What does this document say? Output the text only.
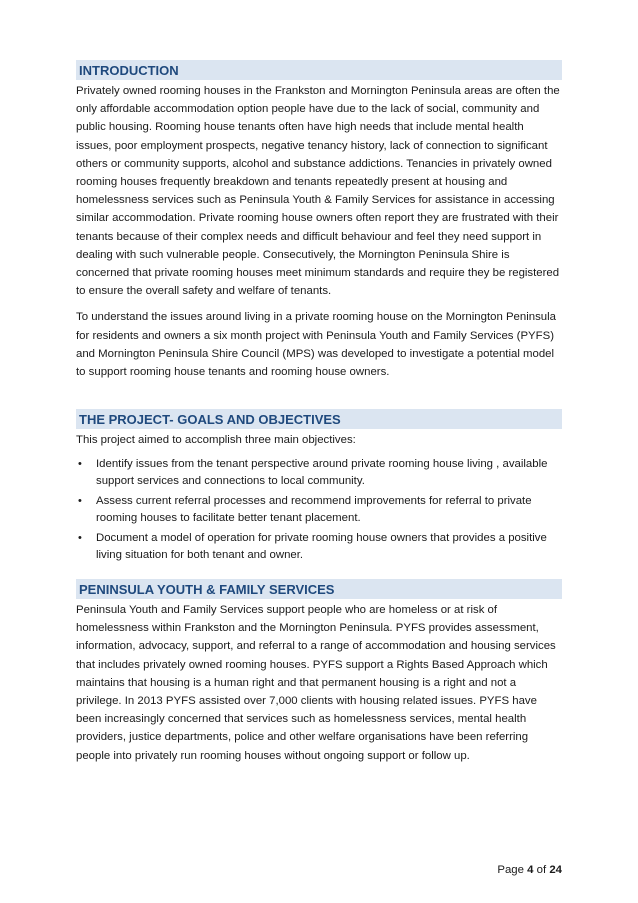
INTRODUCTION

Privately owned rooming houses in the Frankston and Mornington Peninsula areas are often the only affordable accommodation option people have due to the lack of social, community and public housing. Rooming house tenants often have high needs that include mental health issues, poor employment prospects, negative tenancy history, lack of connection to significant others or community supports, alcohol and substance addictions. Tenancies in privately owned rooming houses frequently breakdown and tenants repeatedly present at housing and homelessness services such as Peninsula Youth & Family Services for assistance in accessing similar accommodation. Private rooming house owners often report they are frustrated with their tenants because of their complex needs and difficult behaviour and feel they need support in dealing with such vulnerable people. Consecutively, the Mornington Peninsula Shire is concerned that private rooming houses meet minimum standards and require they be registered to ensure the overall safety and welfare of tenants.

To understand the issues around living in a private rooming house on the Mornington Peninsula for residents and owners a six month project with Peninsula Youth and Family Services (PYFS) and Mornington Peninsula Shire Council (MPS) was developed to investigate a potential model to support rooming house tenants and rooming house owners.

THE PROJECT- GOALS AND OBJECTIVES

This project aimed to accomplish three main objectives:

• Identify issues from the tenant perspective around private rooming house living , available support services and connections to local community.
• Assess current referral processes and recommend improvements for referral to private rooming houses to facilitate better tenant placement.
• Document a model of operation for private rooming house owners that provides a positive living situation for both tenant and owner.
PENINSULA YOUTH & FAMILY SERVICES

Peninsula Youth and Family Services support people who are homeless or at risk of homelessness within Frankston and the Mornington Peninsula. PYFS provides assessment, information, advocacy, support, and referral to a range of accommodation and housing services that includes privately owned rooming houses. PYFS support a Rights Based Approach which maintains that housing is a human right and that permanent housing is a right and not a privilege. In 2013 PYFS assisted over 7,000 clients with housing related issues. PYFS have been increasingly concerned that services such as homelessness services, mental health providers, justice departments, police and other welfare organisations have been referring people into privately run rooming houses without ongoing support or follow up.

Page 4 of 24
